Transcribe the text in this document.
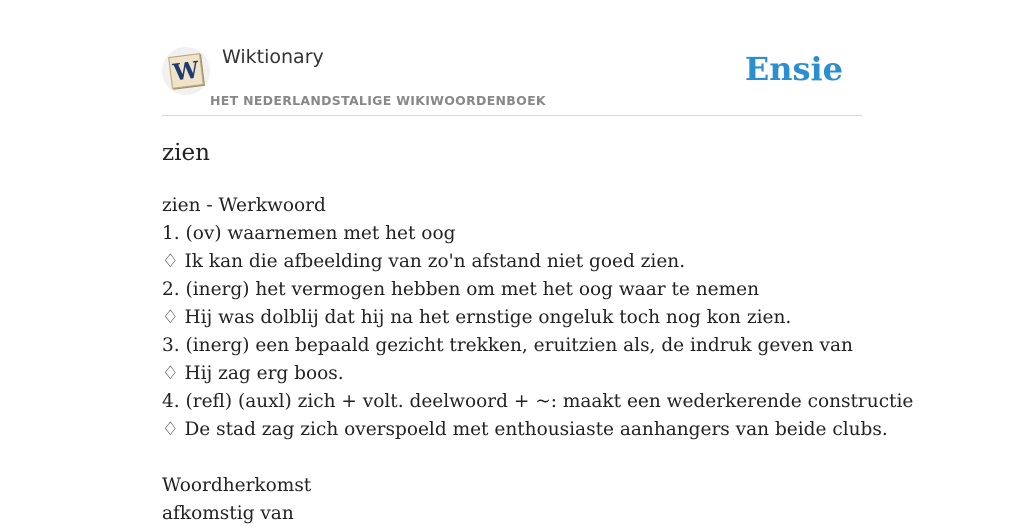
W Wiktionary
HET NEDERLANDSTALIGE WIKIWOORDENBOEK
Ensie
zien
zien - Werkwoord
1. (ov) waarnemen met het oog
♢ Ik kan die afbeelding van zo'n afstand niet goed zien.
2. (inerg) het vermogen hebben om met het oog waar te nemen
♢ Hij was dolblij dat hij na het ernstige ongeluk toch nog kon zien.
3. (inerg) een bepaald gezicht trekken, eruitzien als, de indruk geven van
♢ Hij zag erg boos.
4. (refl) (auxl) zich + volt. deelwoord + ~: maakt een wederkerende constructie
♢ De stad zag zich overspoeld met enthousiaste aanhangers van beide clubs.
Woordherkomst
afkomstig van
